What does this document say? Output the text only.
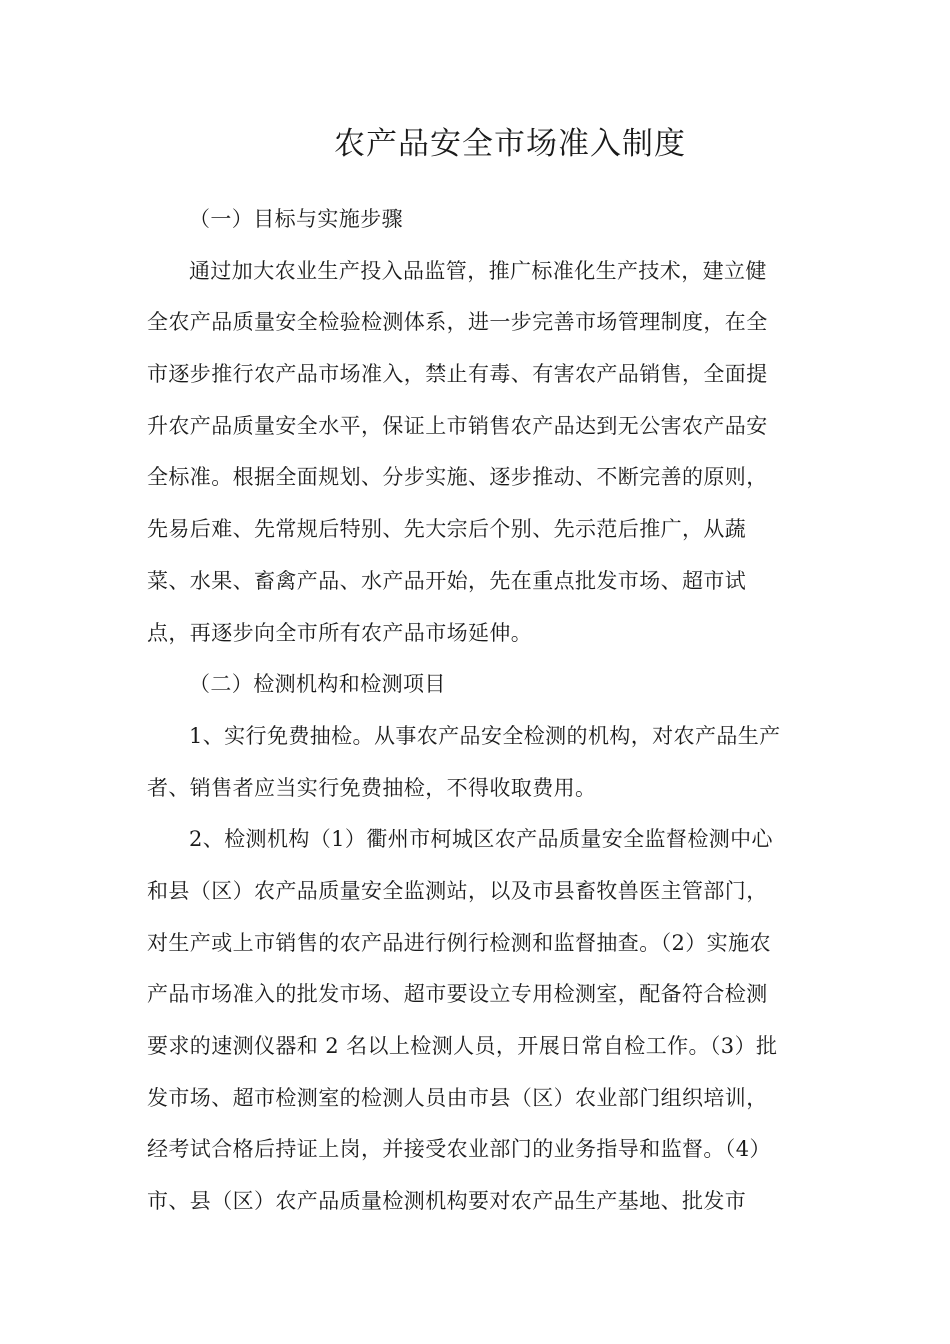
农产品安全市场准入制度
（一）目标与实施步骤
通过加大农业生产投入品监管，推广标准化生产技术，建立健
全农产品质量安全检验检测体系，进一步完善市场管理制度，在全
市逐步推行农产品市场准入，禁止有毒、有害农产品销售，全面提
升农产品质量安全水平，保证上市销售农产品达到无公害农产品安
全标准。根据全面规划、分步实施、逐步推动、不断完善的原则，
先易后难、先常规后特别、先大宗后个别、先示范后推广，从蔬
菜、水果、畜禽产品、水产品开始，先在重点批发市场、超市试
点，再逐步向全市所有农产品市场延伸。
（二）检测机构和检测项目
1、实行免费抽检。从事农产品安全检测的机构，对农产品生产
者、销售者应当实行免费抽检，不得收取费用。
2、检测机构（1）衢州市柯城区农产品质量安全监督检测中心
和县（区）农产品质量安全监测站，以及市县畜牧兽医主管部门，
对生产或上市销售的农产品进行例行检测和监督抽查。（2）实施农
产品市场准入的批发市场、超市要设立专用检测室，配备符合检测
要求的速测仪器和 2 名以上检测人员，开展日常自检工作。（3）批
发市场、超市检测室的检测人员由市县（区）农业部门组织培训，
经考试合格后持证上岗，并接受农业部门的业务指导和监督。（4）
市、县（区）农产品质量检测机构要对农产品生产基地、批发市
